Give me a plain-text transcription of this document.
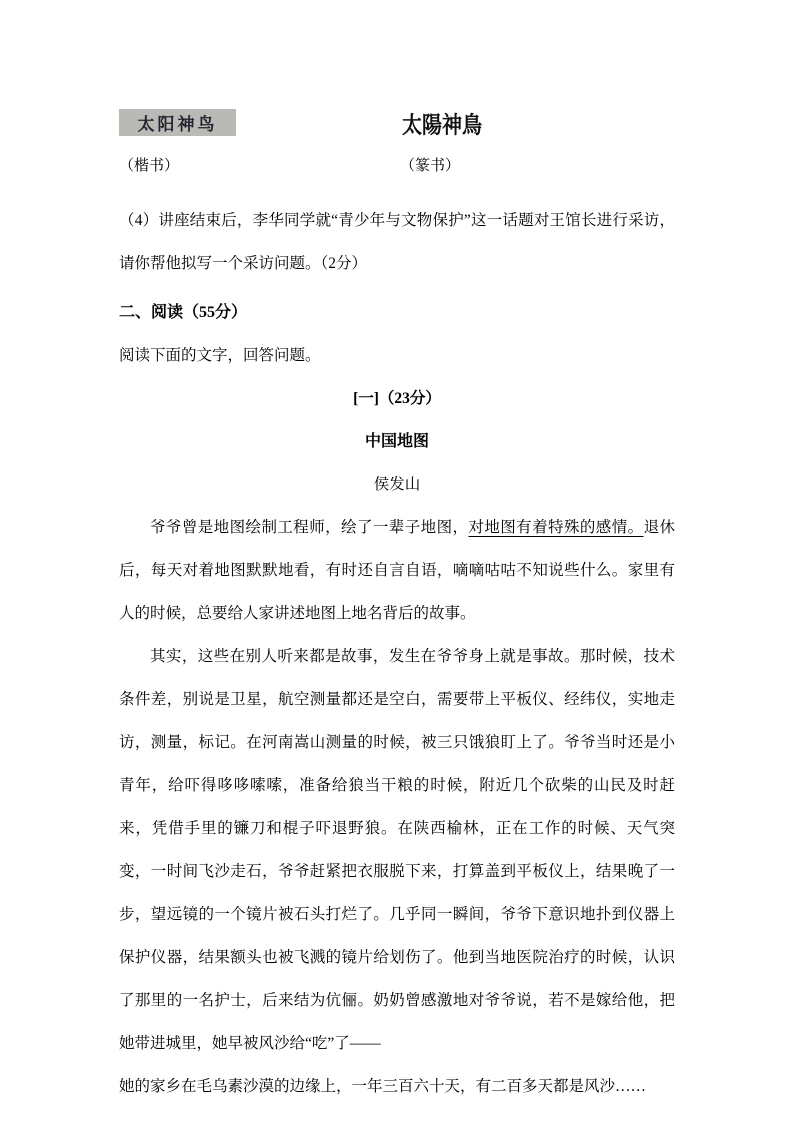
太阳神鸟	太陽神鳥
（楷书）	（篆书）

（4）讲座结束后，李华同学就“青少年与文物保护”这一话题对王馆长进行采访，请你帮他拟写一个采访问题。（2分）

二、阅读（55分）

阅读下面的文字，回答问题。

[一]（23分）

中国地图

侯发山

爷爷曾是地图绘制工程师，绘了一辈子地图，对地图有着特殊的感情。退休后，每天对着地图默默地看，有时还自言自语，嘀嘀咕咕不知说些什么。家里有人的时候，总要给人家讲述地图上地名背后的故事。

其实，这些在别人听来都是故事，发生在爷爷身上就是事故。那时候，技术条件差，别说是卫星，航空测量都还是空白，需要带上平板仪、经纬仪，实地走访，测量，标记。在河南嵩山测量的时候，被三只饿狼盯上了。爷爷当时还是小青年，给吓得哆哆嗦嗦，准备给狼当干粮的时候，附近几个砍柴的山民及时赶来，凭借手里的镰刀和棍子吓退野狼。在陕西榆林，正在工作的时候、天气突变，一时间飞沙走石，爷爷赶紧把衣服脱下来，打算盖到平板仪上，结果晚了一步，望远镜的一个镜片被石头打烂了。几乎同一瞬间，爷爷下意识地扑到仪器上保护仪器，结果额头也被飞溅的镜片给划伤了。他到当地医院治疗的时候，认识了那里的一名护士，后来结为伉俪。奶奶曾感激地对爷爷说，若不是嫁给他，把她带进城里，她早被风沙给“吃”了——

她的家乡在毛乌素沙漠的边缘上，一年三百六十天，有二百多天都是风沙……
